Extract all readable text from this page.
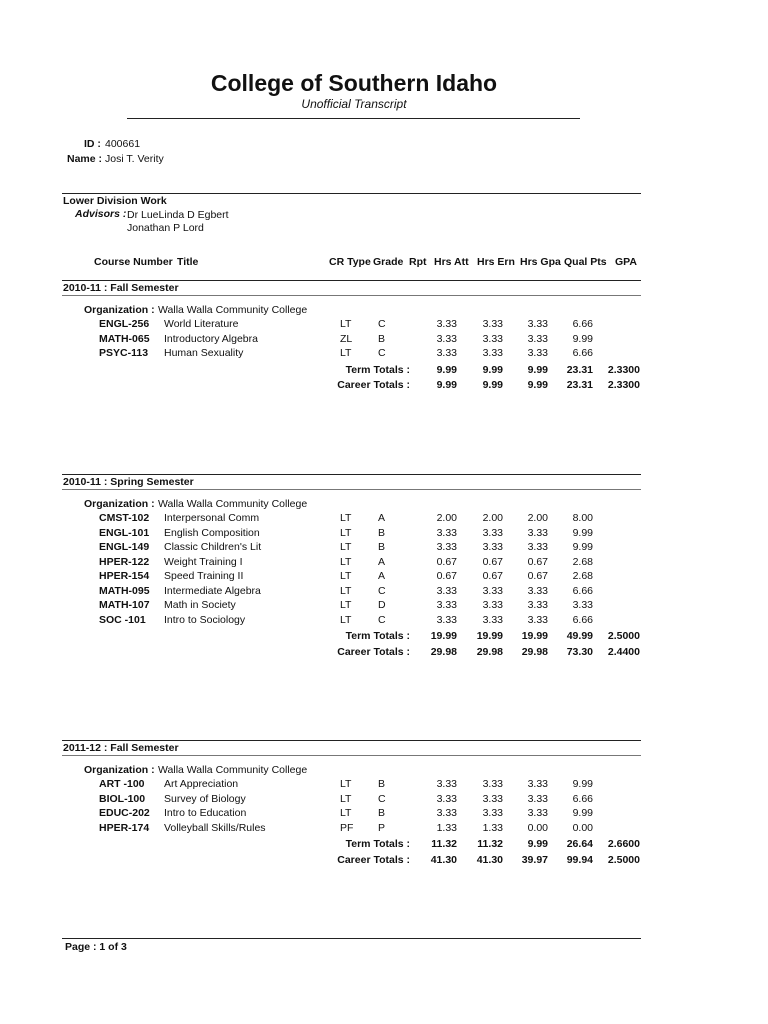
College of Southern Idaho
Unofficial Transcript
ID : 400661
Name : Josi T. Verity
Lower Division Work
Advisors : Dr LueLinda D Egbert
Jonathan P Lord
Course Number Title	CR Type Grade Rpt Hrs Att Hrs Ern Hrs Gpa Qual Pts GPA
2010-11 : Fall Semester
Organization : Walla Walla Community College
ENGL-256 World Literature	LT	C	3.33	3.33	3.33	6.66
MATH-065 Introductory Algebra	ZL B	3.33	3.33	3.33	9.99
PSYC-113 Human Sexuality	LT	C	3.33	3.33	3.33	6.66
Term Totals :	9.99	9.99	9.99	23.31	2.3300
Career Totals :	9.99	9.99	9.99	23.31	2.3300
2010-11 : Spring Semester
Organization : Walla Walla Community College
CMST-102 Interpersonal Comm	LT	A	2.00	2.00	2.00	8.00
ENGL-101 English Composition	LT	B	3.33	3.33	3.33	9.99
ENGL-149 Classic Children's Lit	LT	B	3.33	3.33	3.33	9.99
HPER-122 Weight Training I	LT	A	0.67	0.67	0.67	2.68
HPER-154 Speed Training II	LT	A	0.67	0.67	0.67	2.68
MATH-095 Intermediate Algebra	LT	C	3.33	3.33	3.33	6.66
MATH-107 Math in Society	LT	D	3.33	3.33	3.33	3.33
SOC -101 Intro to Sociology	LT	C	3.33	3.33	3.33	6.66
Term Totals :	19.99	19.99	19.99	49.99	2.5000
Career Totals :	29.98	29.98	29.98	73.30	2.4400
2011-12 : Fall Semester
Organization : Walla Walla Community College
ART -100 Art Appreciation	LT	B	3.33	3.33	3.33	9.99
BIOL-100 Survey of Biology	LT	C	3.33	3.33	3.33	6.66
EDUC-202 Intro to Education	LT	B	3.33	3.33	3.33	9.99
HPER-174 Volleyball Skills/Rules	PF P	1.33	1.33	0.00	0.00
Term Totals :	11.32	11.32	9.99	26.64	2.6600
Career Totals :	41.30	41.30	39.97	99.94	2.5000
Page : 1 of 3
